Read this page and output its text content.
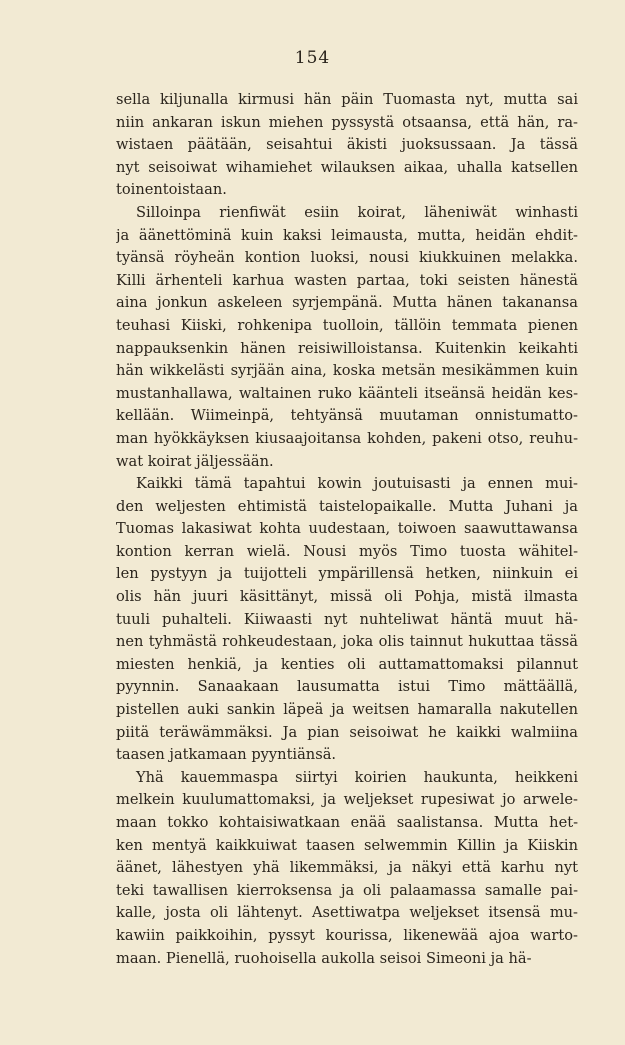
154
sella kiljunalla kirmusi hän päin Tuomasta nyt, mutta sai
niin ankaran iskun miehen pyssystä otsaansa, että hän, ra-
wistaen päätään, seisahtui äkisti juoksussaan. Ja tässä
nyt seisoiwat wihamiehet wilauksen aikaa, uhalla katsellen
toinentoistaan.
Silloinpa rienfiwät esiin koirat, läheniwät winhasti
ja äänettöminä kuin kaksi leimausta, mutta, heidän ehdit-
tyänsä röyheän kontion luoksi, nousi kiukkuinen melakka.
Killi ärhenteli karhua wasten partaa, toki seisten hänestä
aina jonkun askeleen syrjempänä. Mutta hänen takanansa
teuhasi Kiiski, rohkenipa tuolloin, tällöin temmata pienen
nappauksenkin hänen reisiwilloistansa. Kuitenkin keikahti
hän wikkelästi syrjään aina, koska metsän mesikämmen kuin
mustanhallawa, waltainen ruko käänteli itseänsä heidän kes-
kellään. Wiimeinpä, tehtyänsä muutaman onnistumatto-
man hyökkäyksen kiusaajoitansa kohden, pakeni otso, reuhu-
wat koirat jäljessään.
Kaikki tämä tapahtui kowin joutuisasti ja ennen mui-
den weljesten ehtimistä taistelopaikalle. Mutta Juhani ja
Tuomas lakasiwat kohta uudestaan, toiwoen saawuttawansa
kontion kerran wielä. Nousi myös Timo tuosta wähitel-
len pystyyn ja tuijotteli ympärillensä hetken, niinkuin ei
olis hän juuri käsittänyt, missä oli Pohja, mistä ilmasta
tuuli puhalteli. Kiiwaasti nyt nuhteliwat häntä muut hä-
nen tyhmästä rohkeudestaan, joka olis tainnut hukuttaa tässä
miesten henkiä, ja kenties oli auttamattomaksi pilannut
pyynnin. Sanaakaan lausumatta istui Timo mättäällä,
pistellen auki sankin läpeä ja weitsen hamaralla nakutellen
piitä teräwämmäksi. Ja pian seisoiwat he kaikki walmiina
taasen jatkamaan pyyntiänsä.
Yhä kauemmaspa siirtyi koirien haukunta, heikkeni
melkein kuulumattomaksi, ja weljekset rupesiwat jo arwele-
maan tokko kohtaisiwatkaan enää saalistansa. Mutta het-
ken mentyä kaikkuiwat taasen selwemmin Killin ja Kiiskin
äänet, lähestyen yhä likemmäksi, ja näkyi että karhu nyt
teki tawallisen kierroksensa ja oli palaamassa samalle pai-
kalle, josta oli lähtenyt. Asettiwatpa weljekset itsensä mu-
kawiin paikkoihin, pyssyt kourissa, likenewää ajoa warto-
maan. Pienellä, ruohoisella aukolla seisoi Simeoni ja hä-
